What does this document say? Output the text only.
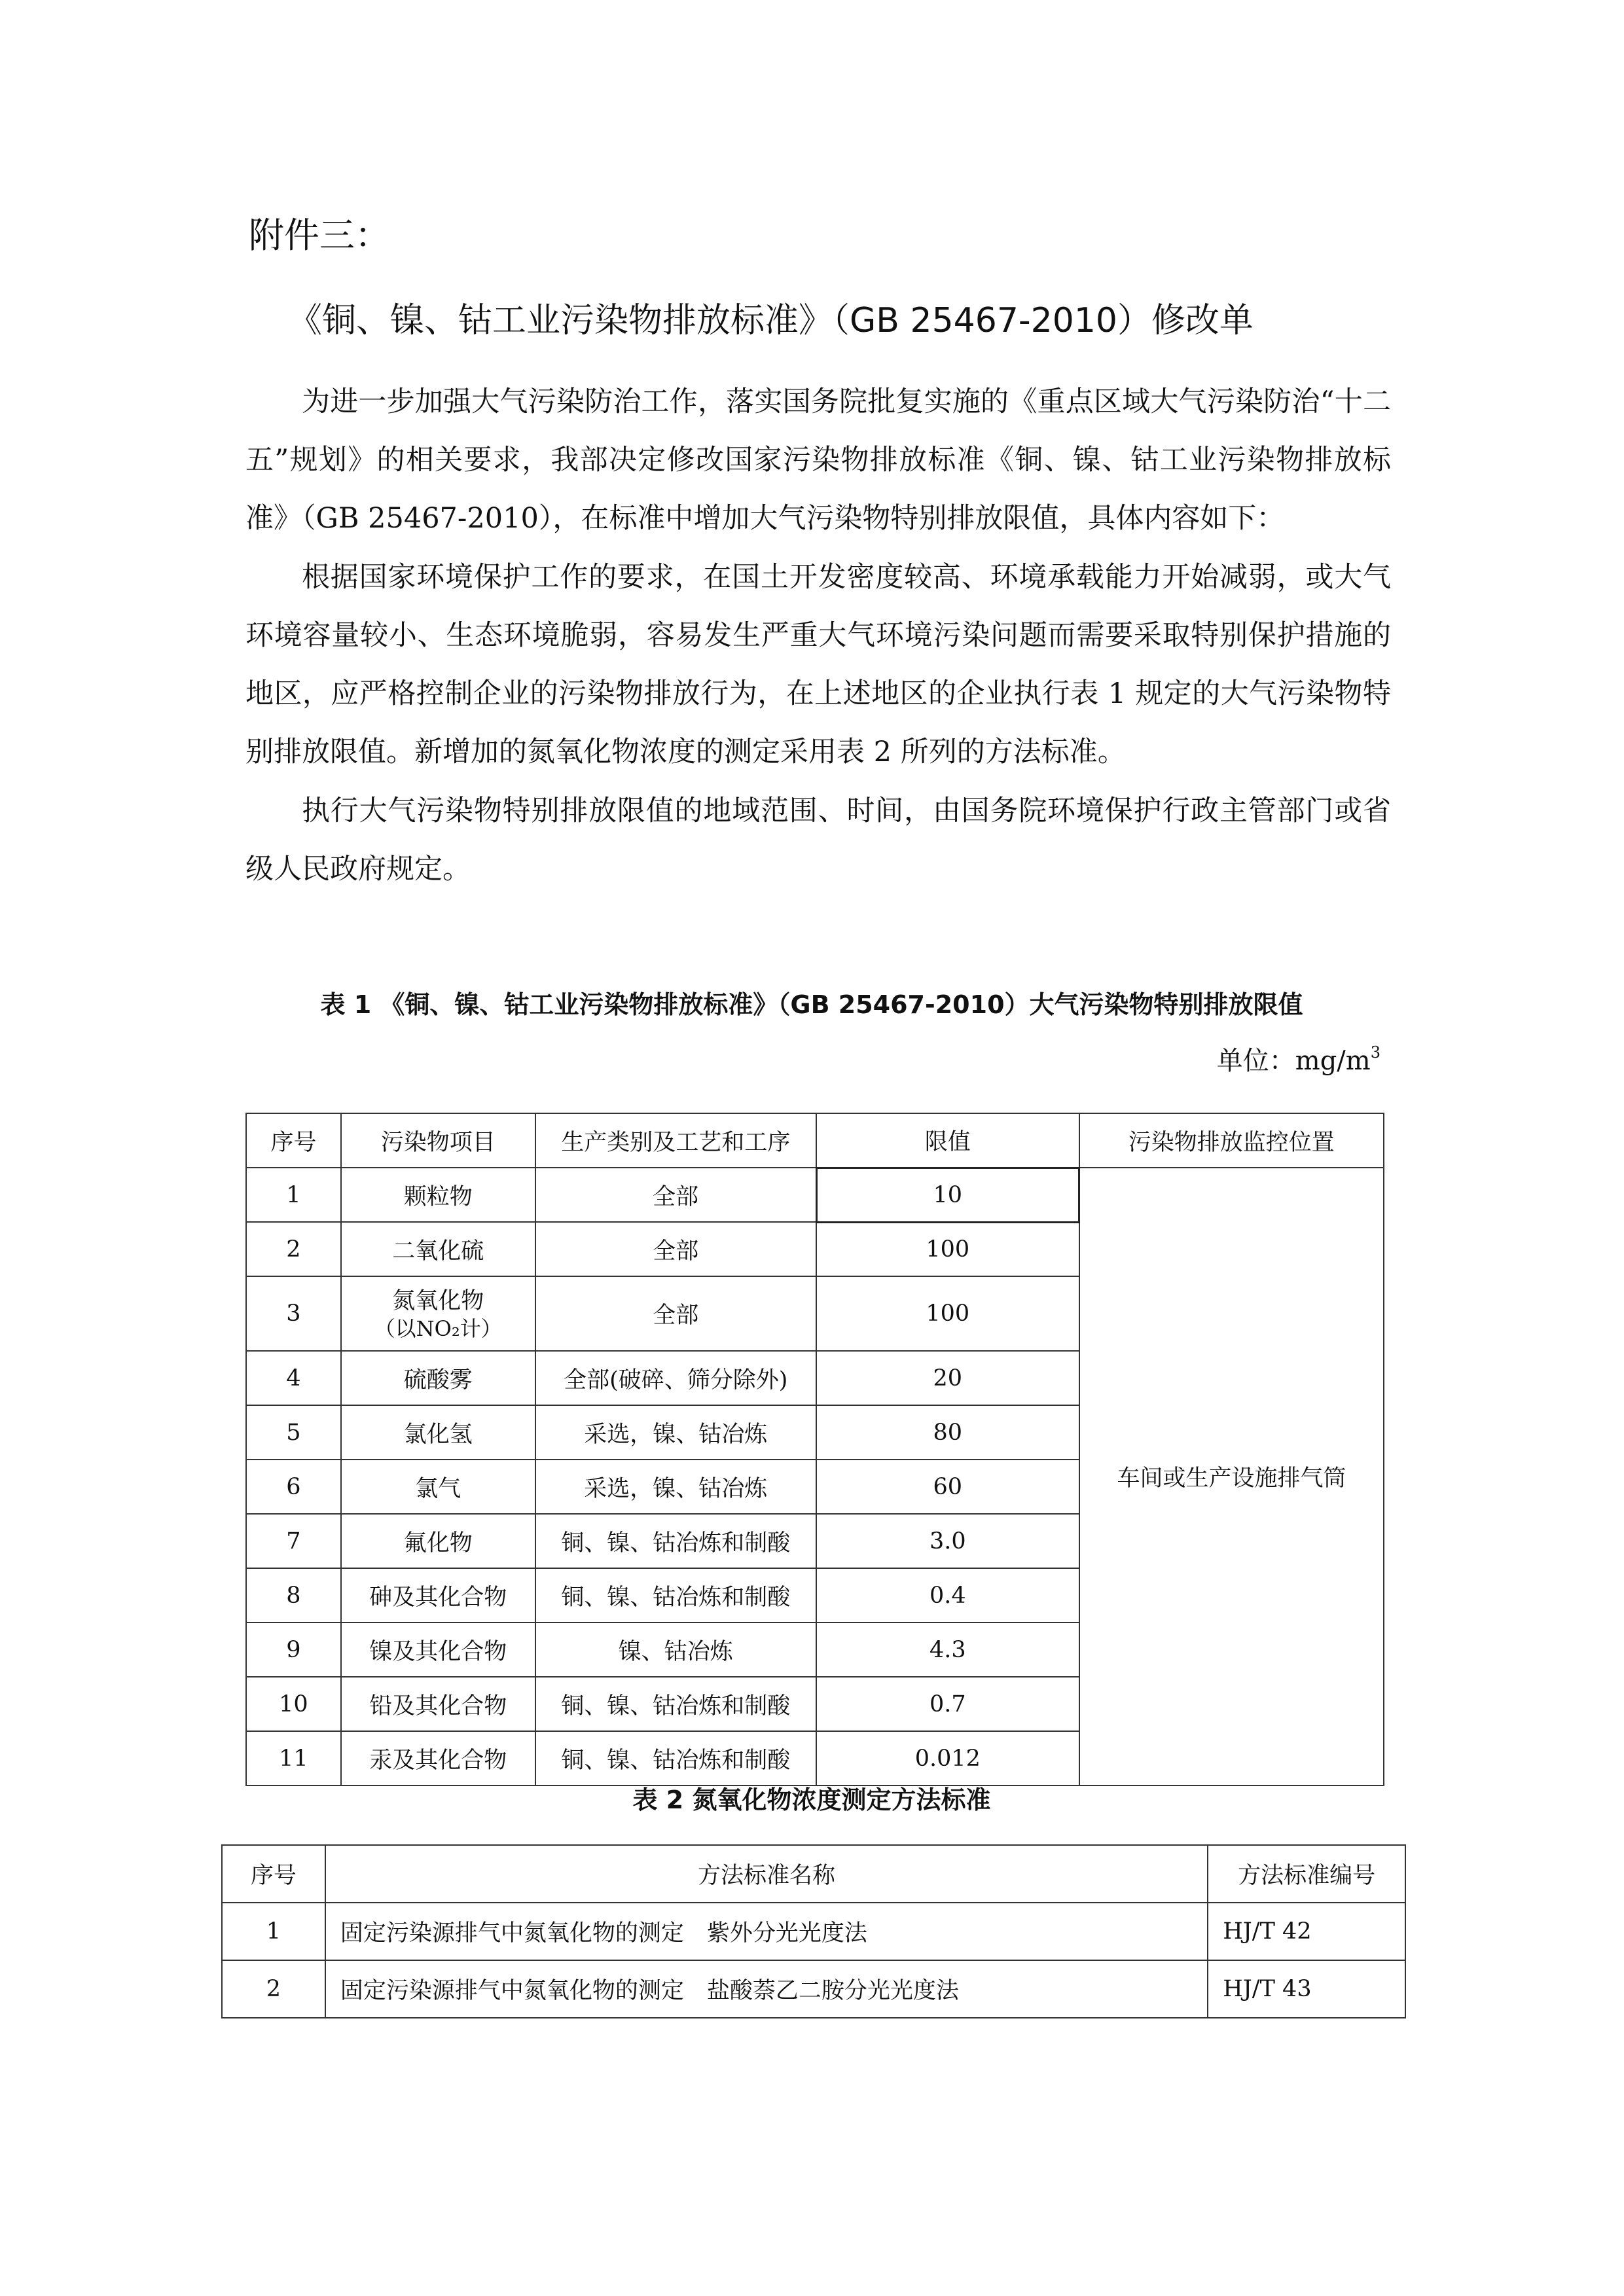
附件三：
《铜、镍、钴工业污染物排放标准》（GB 25467-2010）修改单
为进一步加强大气污染防治工作，落实国务院批复实施的《重点区域大气污染防治“十二五”规划》的相关要求，我部决定修改国家污染物排放标准《铜、镍、钴工业污染物排放标准》（GB 25467-2010），在标准中增加大气污染物特别排放限值，具体内容如下：
根据国家环境保护工作的要求，在国土开发密度较高、环境承载能力开始减弱，或大气环境容量较小、生态环境脆弱，容易发生严重大气环境污染问题而需要采取特别保护措施的地区，应严格控制企业的污染物排放行为，在上述地区的企业执行表 1 规定的大气污染物特别排放限值。新增加的氮氧化物浓度的测定采用表 2 所列的方法标准。
执行大气污染物特别排放限值的地域范围、时间，由国务院环境保护行政主管部门或省级人民政府规定。
表 1 《铜、镍、钴工业污染物排放标准》（GB 25467-2010）大气污染物特别排放限值
单位：$mg/m^3$
序号	污染物项目	生产类别及工艺和工序	限值	污染物排放监控位置
1	颗粒物	全部	10	车间或生产设施排气筒
2	二氧化硫	全部	100	
3	氮氧化物
（以NO₂计）	全部	100	
4	硫酸雾	全部(破碎、筛分除外)	20	
5	氯化氢	采选，镍、钴冶炼	80	
6	氯气	采选，镍、钴冶炼	60	
7	氟化物	铜、镍、钴冶炼和制酸	3.0	
8	砷及其化合物	铜、镍、钴冶炼和制酸	0.4	
9	镍及其化合物	镍、钴冶炼	4.3	
10	铅及其化合物	铜、镍、钴冶炼和制酸	0.7	
11	汞及其化合物	铜、镍、钴冶炼和制酸	0.012	
表 2 氮氧化物浓度测定方法标准
序号	方法标准名称	方法标准编号
1	固定污染源排气中氮氧化物的测定　紫外分光光度法	HJ/T 42
2	固定污染源排气中氮氧化物的测定　盐酸萘乙二胺分光光度法	HJ/T 43
